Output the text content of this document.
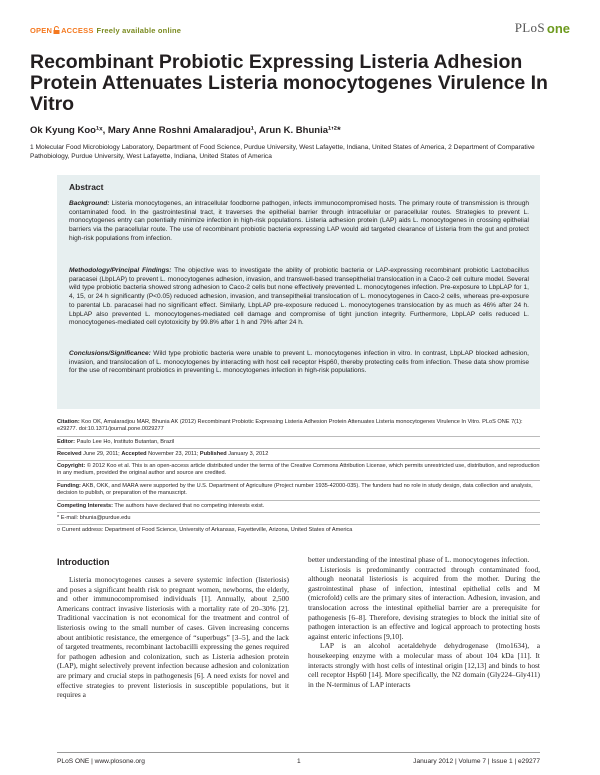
OPEN ACCESS Freely available online	PLoS one
Recombinant Probiotic Expressing Listeria Adhesion Protein Attenuates Listeria monocytogenes Virulence In Vitro
Ok Kyung Koo¹ˣ, Mary Anne Roshni Amalaradjou¹, Arun K. Bhunia¹ʼ²*
1 Molecular Food Microbiology Laboratory, Department of Food Science, Purdue University, West Lafayette, Indiana, United States of America, 2 Department of Comparative Pathobiology, Purdue University, West Lafayette, Indiana, United States of America
Abstract
Background: Listeria monocytogenes, an intracellular foodborne pathogen, infects immunocompromised hosts. The primary route of transmission is through contaminated food. In the gastrointestinal tract, it traverses the epithelial barrier through intracellular or paracellular routes. Strategies to prevent L. monocytogenes entry can potentially minimize infection in high-risk populations. Listeria adhesion protein (LAP) aids L. monocytogenes in crossing epithelial barriers via the paracellular route. The use of recombinant probiotic bacteria expressing LAP would aid targeted clearance of Listeria from the gut and protect high-risk populations from infection.
Methodology/Principal Findings: The objective was to investigate the ability of probiotic bacteria or LAP-expressing recombinant probiotic Lactobacillus paracasei (LbpLAP) to prevent L. monocytogenes adhesion, invasion, and transwell-based transepithelial translocation in a Caco-2 cell culture model. Several wild type probiotic bacteria showed strong adhesion to Caco-2 cells but none effectively prevented L. monocytogenes infection. Pre-exposure to LbpLAP for 1, 4, 15, or 24 h significantly (P<0.05) reduced adhesion, invasion, and transepithelial translocation of L. monocytogenes in Caco-2 cells, whereas pre-exposure to parental Lb. paracasei had no significant effect. Similarly, LbpLAP pre-exposure reduced L. monocytogenes translocation by as much as 46% after 24 h. LbpLAP also prevented L. monocytogenes-mediated cell damage and compromise of tight junction integrity. Furthermore, LbpLAP cells reduced L. monocytogenes-mediated cell cytotoxicity by 99.8% after 1 h and 79% after 24 h.
Conclusions/Significance: Wild type probiotic bacteria were unable to prevent L. monocytogenes infection in vitro. In contrast, LbpLAP blocked adhesion, invasion, and translocation of L. monocytogenes by interacting with host cell receptor Hsp60, thereby protecting cells from infection. These data show promise for the use of recombinant probiotics in preventing L. monocytogenes infection in high-risk populations.
Citation: Koo OK, Amalaradjou MAR, Bhunia AK (2012) Recombinant Probiotic Expressing Listeria Adhesion Protein Attenuates Listeria monocytogenes Virulence In Vitro. PLoS ONE 7(1): e29277. doi:10.1371/journal.pone.0029277
Editor: Paulo Lee Ho, Instituto Butantan, Brazil
Received June 29, 2011; Accepted November 23, 2011; Published January 3, 2012
Copyright: © 2012 Koo et al. This is an open-access article distributed under the terms of the Creative Commons Attribution License, which permits unrestricted use, distribution, and reproduction in any medium, provided the original author and source are credited.
Funding: AKB, OKK, and MARA were supported by the U.S. Department of Agriculture (Project number 1935-42000-035). The funders had no role in study design, data collection and analysis, decision to publish, or preparation of the manuscript.
Competing Interests: The authors have declared that no competing interests exist.
* E-mail: bhunia@purdue.edu
¤ Current address: Department of Food Science, University of Arkansas, Fayetteville, Arizona, United States of America
Introduction

Listeria monocytogenes causes a severe systemic infection (listeriosis) and poses a significant health risk to pregnant women, newborns, the elderly, and other immunocompromised individuals [1]. Annually, about 2,500 Americans contract invasive listeriosis with a mortality rate of 20–30% [2]. Traditional vaccination is not economical for the treatment and control of listeriosis owing to the small number of cases. Given increasing concerns about antibiotic resistance, the emergence of “superbugs” [3–5], and the lack of targeted treatments, recombinant lactobacilli expressing the genes required for pathogen adhesion and colonization, such as Listeria adhesion protein (LAP), might selectively prevent infection because adhesion and colonization are primary and crucial steps in pathogenesis [6]. A need exists for novel and effective strategies to prevent listeriosis in susceptible populations, but it requires a

better understanding of the intestinal phase of L. monocytogenes infection.

Listeriosis is predominantly contracted through contaminated food, although neonatal listeriosis is acquired from the mother. During the gastrointestinal phase of infection, intestinal epithelial cells and M (microfold) cells are the primary sites of interaction. Adhesion, invasion, and translocation across the intestinal epithelial barrier are a prerequisite for pathogenesis [6–8]. Therefore, devising strategies to block the initial site of pathogen interaction is an effective and logical approach to protecting hosts against enteric infections [9,10].

LAP is an alcohol acetaldehyde dehydrogenase (lmo1634), a housekeeping enzyme with a molecular mass of about 104 kDa [11]. It interacts strongly with host cells of intestinal origin [12,13] and binds to host cell receptor Hsp60 [14]. More specifically, the N2 domain (Gly224–Gly411) in the N-terminus of LAP interacts

PLoS ONE | www.plosone.org	1	January 2012 | Volume 7 | Issue 1 | e29277
